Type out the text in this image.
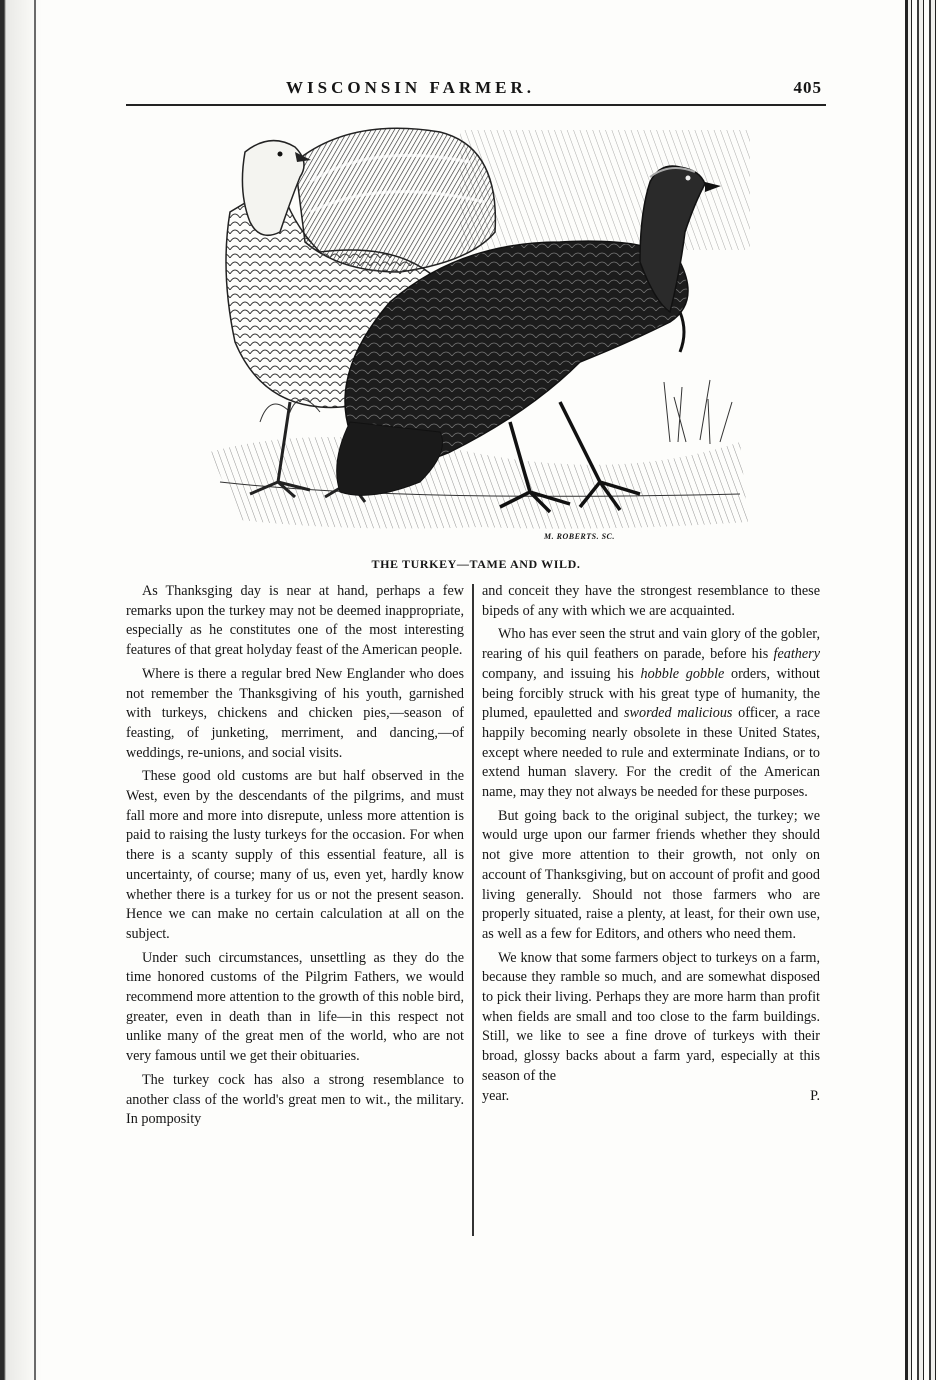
WISCONSIN FARMER.	405
M. ROBERTS. SC.
THE TURKEY—TAME AND WILD.

As Thanksging day is near at hand, perhaps a few remarks upon the turkey may not be deemed inappropriate, especially as he constitutes one of the most interesting features of that great holyday feast of the American people.

Where is there a regular bred New Englander who does not remember the Thanksgiving of his youth, garnished with turkeys, chickens and chicken pies,—season of feasting, of junketing, merriment, and dancing,—of weddings, re-unions, and social visits.

These good old customs are but half observed in the West, even by the descendants of the pilgrims, and must fall more and more into disrepute, unless more attention is paid to raising the lusty turkeys for the occasion. For when there is a scanty supply of this essential feature, all is uncertainty, of course; many of us, even yet, hardly know whether there is a turkey for us or not the present season. Hence we can make no certain calculation at all on the subject.

Under such circumstances, unsettling as they do the time honored customs of the Pilgrim Fathers, we would recommend more attention to the growth of this noble bird, greater, even in death than in life—in this respect not unlike many of the great men of the world, who are not very famous until we get their obituaries.

The turkey cock has also a strong resemblance to another class of the world's great men to wit., the military. In pomposity

and conceit they have the strongest resemblance to these bipeds of any with which we are acquainted.

Who has ever seen the strut and vain glory of the gobler, rearing of his quil feathers on parade, before his feathery company, and issuing his hobble gobble orders, without being forcibly struck with his great type of humanity, the plumed, epauletted and sworded malicious officer, a race happily becoming nearly obsolete in these United States, except where needed to rule and exterminate Indians, or to extend human slavery. For the credit of the American name, may they not always be needed for these purposes.

But going back to the original subject, the turkey; we would urge upon our farmer friends whether they should not give more attention to their growth, not only on account of Thanksgiving, but on account of profit and good living generally. Should not those farmers who are properly situated, raise a plenty, at least, for their own use, as well as a few for Editors, and others who need them.

We know that some farmers object to turkeys on a farm, because they ramble so much, and are somewhat disposed to pick their living. Perhaps they are more harm than profit when fields are small and too close to the farm buildings. Still, we like to see a fine drove of turkeys with their broad, glossy backs about a farm yard, especially at this season of the

year.	P.
